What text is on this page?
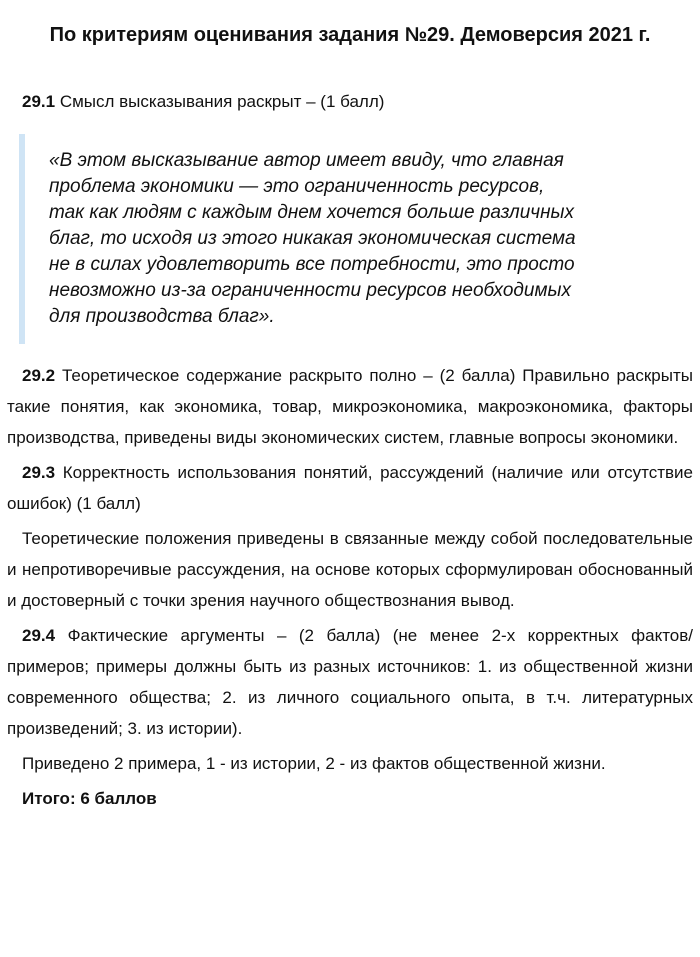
По критериям оценивания задания №29. Демоверсия 2021 г.

29.1 Смысл высказывания раскрыт – (1 балл)

«В этом высказывание автор имеет ввиду, что главная проблема экономики — это ограниченность ресурсов, так как людям с каждым днем хочется больше различных благ, то исходя из этого никакая экономическая система не в силах удовлетворить все потребности, это просто невозможно из-за ограниченности ресурсов необходимых для производства благ».

29.2 Теоретическое содержание раскрыто полно – (2 балла) Правильно раскрыты такие понятия, как экономика, товар, микроэкономика, макроэкономика, факторы производства, приведены виды экономических систем, главные вопросы экономики.

29.3 Корректность использования понятий, рассуждений (наличие или отсутствие ошибок) (1 балл)

Теоретические положения приведены в связанные между собой последовательные и непротиворечивые рассуждения, на основе которых сформулирован обоснованный и достоверный с точки зрения научного обществознания вывод.

29.4 Фактические аргументы – (2 балла) (не менее 2-х корректных фактов/примеров; примеры должны быть из разных источников: 1. из общественной жизни современного общества; 2. из личного социального опыта, в т.ч. литературных произведений; 3. из истории).

Приведено 2 примера, 1 - из истории, 2 - из фактов общественной жизни.

Итого: 6 баллов
